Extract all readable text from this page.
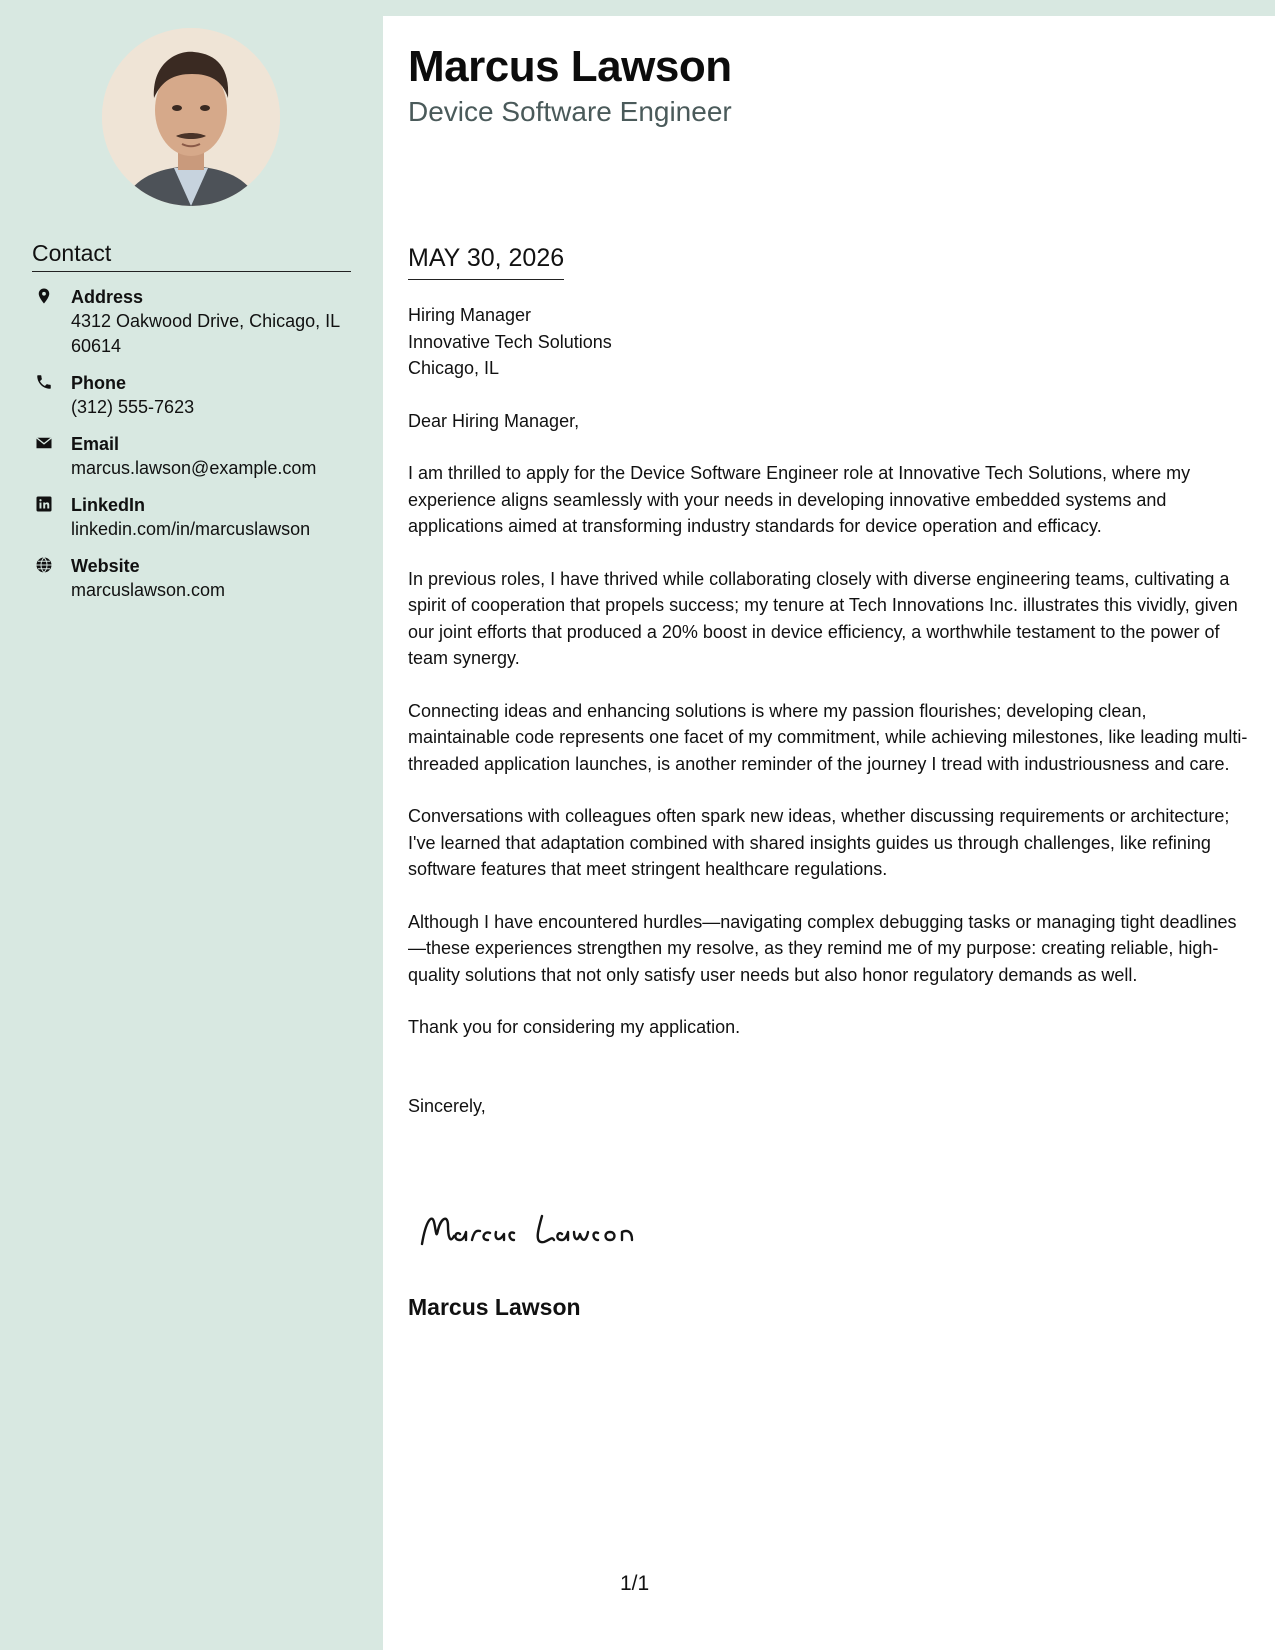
Marcus Lawson
Device Software Engineer
Contact
Address
4312 Oakwood Drive, Chicago, IL 60614
Phone
(312) 555-7623
Email
marcus.lawson@example.com
LinkedIn
linkedin.com/in/marcuslawson
Website
marcuslawson.com
MAY 30, 2026
Hiring Manager
Innovative Tech Solutions
Chicago, IL

Dear Hiring Manager,

I am thrilled to apply for the Device Software Engineer role at Innovative Tech Solutions, where my experience aligns seamlessly with your needs in developing innovative embedded systems and applications aimed at transforming industry standards for device operation and efficacy.

In previous roles, I have thrived while collaborating closely with diverse engineering teams, cultivating a spirit of cooperation that propels success; my tenure at Tech Innovations Inc. illustrates this vividly, given our joint efforts that produced a 20% boost in device efficiency, a worthwhile testament to the power of team synergy.

Connecting ideas and enhancing solutions is where my passion flourishes; developing clean, maintainable code represents one facet of my commitment, while achieving milestones, like leading multi-threaded application launches, is another reminder of the journey I tread with industriousness and care.

Conversations with colleagues often spark new ideas, whether discussing requirements or architecture; I've learned that adaptation combined with shared insights guides us through challenges, like refining software features that meet stringent healthcare regulations.

Although I have encountered hurdles—navigating complex debugging tasks or managing tight deadlines—these experiences strengthen my resolve, as they remind me of my purpose: creating reliable, high-quality solutions that not only satisfy user needs but also honor regulatory demands as well.

Thank you for considering my application.

Sincerely,
Marcus Lawson
1/1
